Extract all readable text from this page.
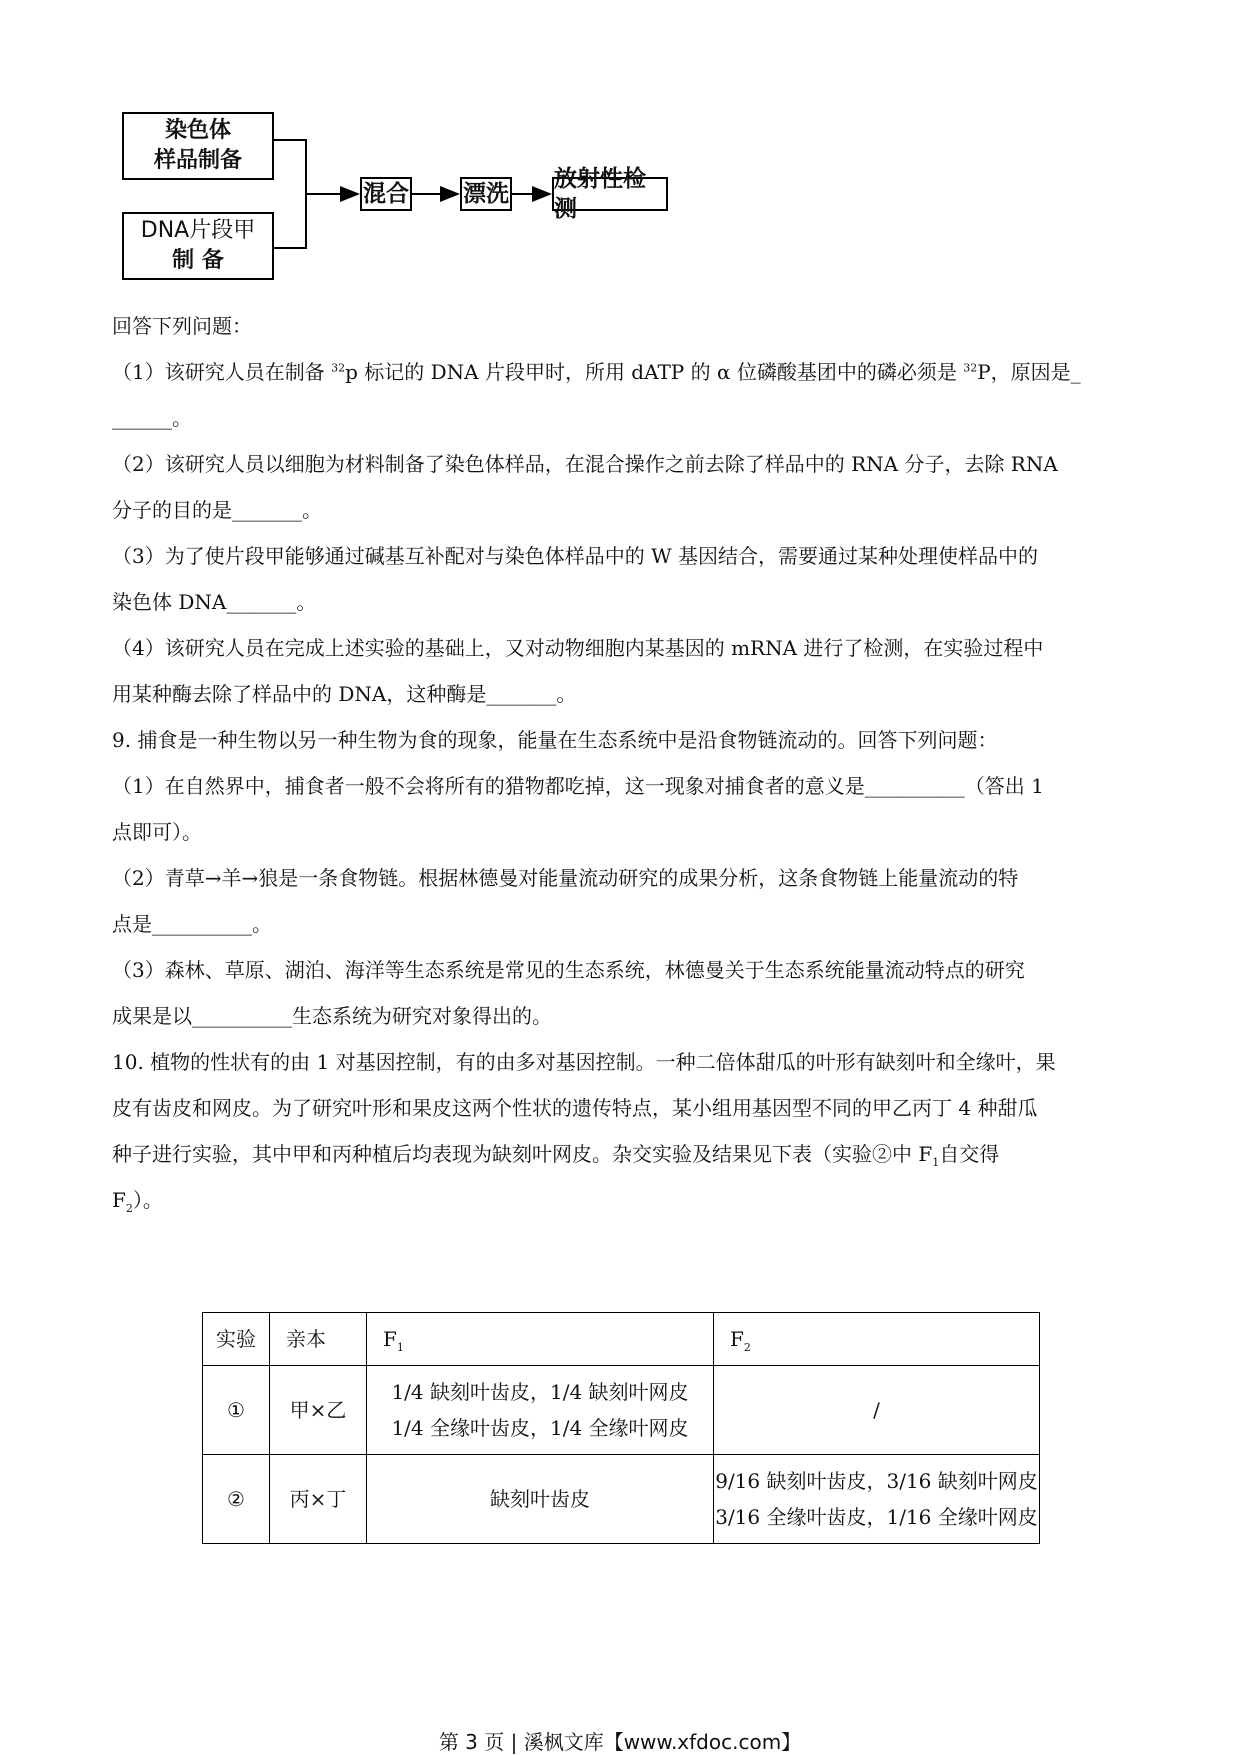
染色体
样品制备
DNA片段甲
制 备
混合 漂洗
放射性检测

回答下列问题：

（1）该研究人员在制备 $^{32}$p 标记的 DNA 片段甲时，所用 dATP 的 α 位磷酸基团中的磷必须是 $^{32}$P，原因是_

______。

（2）该研究人员以细胞为材料制备了染色体样品，在混合操作之前去除了样品中的 RNA 分子，去除 RNA

分子的目的是_______。

（3）为了使片段甲能够通过碱基互补配对与染色体样品中的 W 基因结合，需要通过某种处理使样品中的

染色体 DNA_______。

（4）该研究人员在完成上述实验的基础上，又对动物细胞内某基因的 mRNA 进行了检测，在实验过程中

用某种酶去除了样品中的 DNA，这种酶是_______。

9. 捕食是一种生物以另一种生物为食的现象，能量在生态系统中是沿食物链流动的。回答下列问题：

（1）在自然界中，捕食者一般不会将所有的猎物都吃掉，这一现象对捕食者的意义是__________（答出 1

点即可）。

（2）青草→羊→狼是一条食物链。根据林德曼对能量流动研究的成果分析，这条食物链上能量流动的特

点是__________。

（3）森林、草原、湖泊、海洋等生态系统是常见的生态系统，林德曼关于生态系统能量流动特点的研究

成果是以__________生态系统为研究对象得出的。

10. 植物的性状有的由 1 对基因控制，有的由多对基因控制。一种二倍体甜瓜的叶形有缺刻叶和全缘叶，果

皮有齿皮和网皮。为了研究叶形和果皮这两个性状的遗传特点，某小组用基因型不同的甲乙丙丁 4 种甜瓜

种子进行实验，其中甲和丙种植后均表现为缺刻叶网皮。杂交实验及结果见下表（实验②中 $F_1$自交得

$F_2$）。

实验	亲本	$F_1$	$F_2$
①	甲×乙	1/4 缺刻叶齿皮，1/4 缺刻叶网皮
1/4 全缘叶齿皮，1/4 全缘叶网皮	/
②	丙×丁	缺刻叶齿皮	9/16 缺刻叶齿皮，3/16 缺刻叶网皮
3/16 全缘叶齿皮，1/16 全缘叶网皮
第 3 页 | 溪枫文库【www.xfdoc.com】
